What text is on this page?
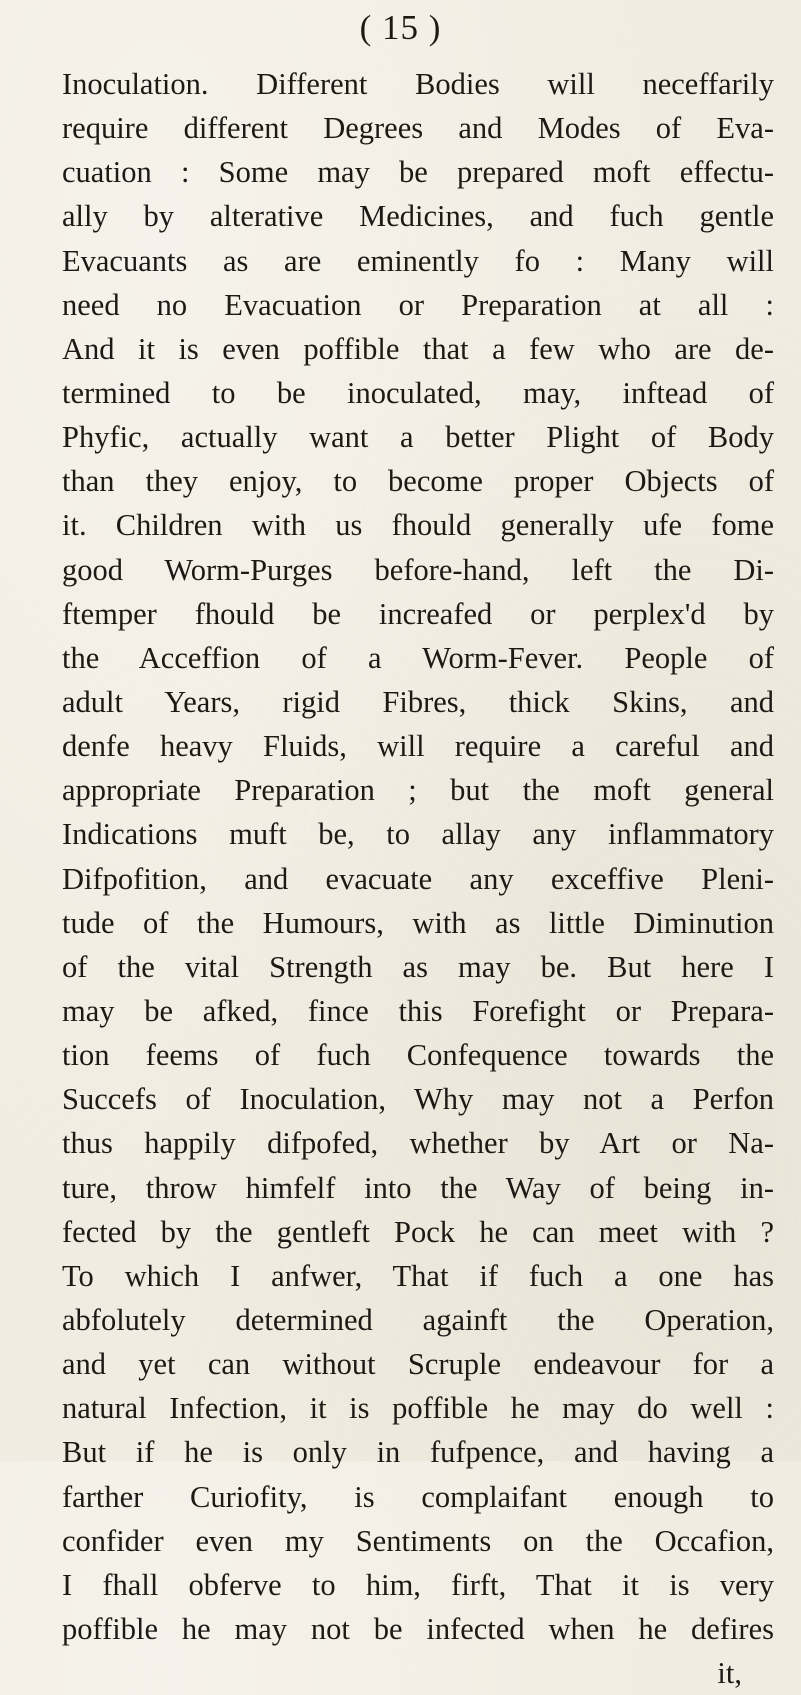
( 15 )
Inoculation. Different Bodies will neceffarily
require different Degrees and Modes of Eva-
cuation : Some may be prepared moft effectu-
ally by alterative Medicines, and fuch gentle
Evacuants as are eminently fo : Many will
need no Evacuation or Preparation at all :
And it is even poffible that a few who are de-
termined to be inoculated, may, inftead of
Phyfic, actually want a better Plight of Body
than they enjoy, to become proper Objects of
it. Children with us fhould generally ufe fome
good Worm-Purges before-hand, left the Di-
ftemper fhould be increafed or perplex'd by
the Acceffion of a Worm-Fever. People of
adult Years, rigid Fibres, thick Skins, and
denfe heavy Fluids, will require a careful and
appropriate Preparation ; but the moft general
Indications muft be, to allay any inflammatory
Difpofition, and evacuate any exceffive Pleni-
tude of the Humours, with as little Diminution
of the vital Strength as may be. But here I
may be afked, fince this Forefight or Prepara-
tion feems of fuch Confequence towards the
Succefs of Inoculation, Why may not a Perfon
thus happily difpofed, whether by Art or Na-
ture, throw himfelf into the Way of being in-
fected by the gentleft Pock he can meet with ?
To which I anfwer, That if fuch a one has
abfolutely determined againft the Operation,
and yet can without Scruple endeavour for a
natural Infection, it is poffible he may do well :
But if he is only in fufpence, and having a
farther Curiofity, is complaifant enough to
confider even my Sentiments on the Occafion,
I fhall obferve to him, firft, That it is very
poffible he may not be infected when he defires
it,
